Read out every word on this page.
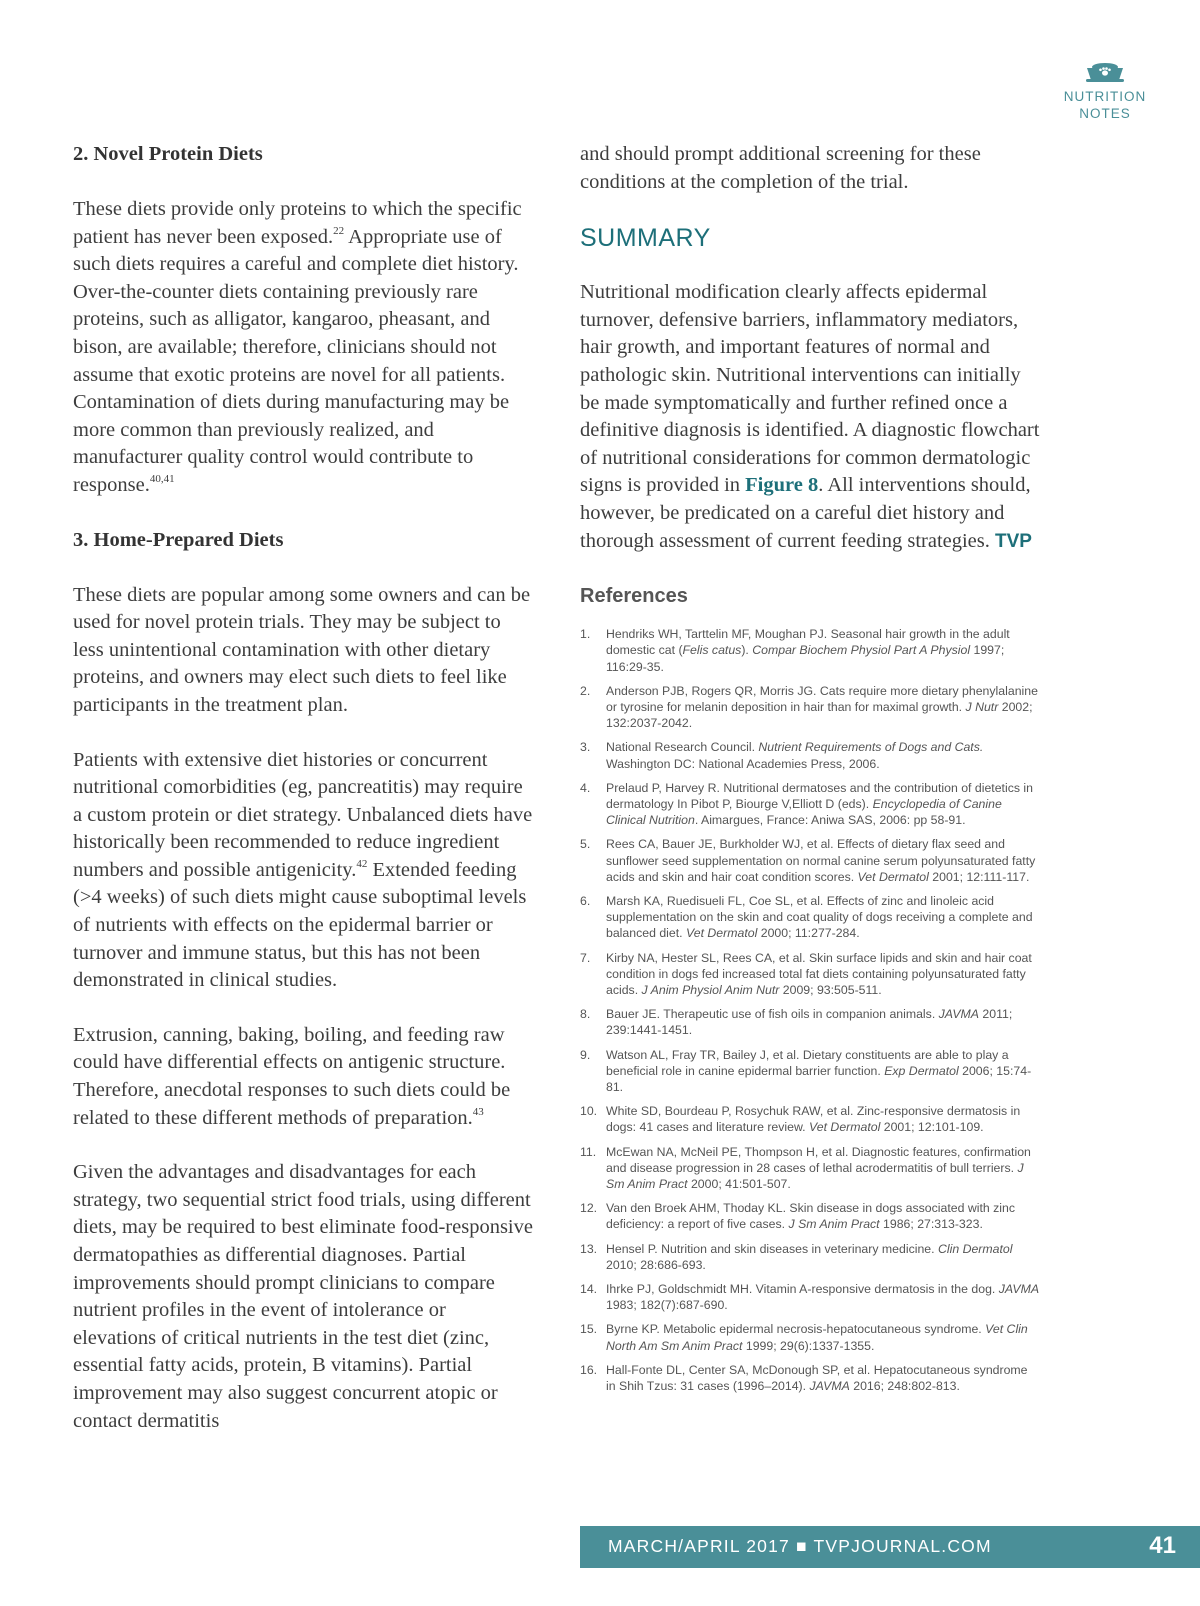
NUTRITION
NOTES
2. Novel Protein Diets

These diets provide only proteins to which the specific patient has never been exposed.$^{22}$ Appropriate use of such diets requires a careful and complete diet history. Over-the-counter diets containing previously rare proteins, such as alligator, kangaroo, pheasant, and bison, are available; therefore, clinicians should not assume that exotic proteins are novel for all patients. Contamination of diets during manufacturing may be more common than previously realized, and manufacturer quality control would contribute to response.$^{40,41}$

3. Home-Prepared Diets

These diets are popular among some owners and can be used for novel protein trials. They may be subject to less unintentional contamination with other dietary proteins, and owners may elect such diets to feel like participants in the treatment plan.

Patients with extensive diet histories or concurrent nutritional comorbidities (eg, pancreatitis) may require a custom protein or diet strategy. Unbalanced diets have historically been recommended to reduce ingredient numbers and possible antigenicity.$^{42}$ Extended feeding (>4 weeks) of such diets might cause suboptimal levels of nutrients with effects on the epidermal barrier or turnover and immune status, but this has not been demonstrated in clinical studies.

Extrusion, canning, baking, boiling, and feeding raw could have differential effects on antigenic structure. Therefore, anecdotal responses to such diets could be related to these different methods of preparation.$^{43}$

Given the advantages and disadvantages for each strategy, two sequential strict food trials, using different diets, may be required to best eliminate food-responsive dermatopathies as differential diagnoses. Partial improvements should prompt clinicians to compare nutrient profiles in the event of intolerance or elevations of critical nutrients in the test diet (zinc, essential fatty acids, protein, B vitamins). Partial improvement may also suggest concurrent atopic or contact dermatitis

and should prompt additional screening for these conditions at the completion of the trial.

SUMMARY

Nutritional modification clearly affects epidermal turnover, defensive barriers, inflammatory mediators, hair growth, and important features of normal and pathologic skin. Nutritional interventions can initially be made symptomatically and further refined once a definitive diagnosis is identified. A diagnostic flowchart of nutritional considerations for common dermatologic signs is provided in Figure 8. All interventions should, however, be predicated on a careful diet history and thorough assessment of current feeding strategies. TVP

References
1. Hendriks WH, Tarttelin MF, Moughan PJ. Seasonal hair growth in the adult domestic cat (Felis catus). Compar Biochem Physiol Part A Physiol 1997; 116:29-35.
2. Anderson PJB, Rogers QR, Morris JG. Cats require more dietary phenylalanine or tyrosine for melanin deposition in hair than for maximal growth. J Nutr 2002; 132:2037-2042.
3. National Research Council. Nutrient Requirements of Dogs and Cats. Washington DC: National Academies Press, 2006.
4. Prelaud P, Harvey R. Nutritional dermatoses and the contribution of dietetics in dermatology In Pibot P, Biourge V,Elliott D (eds). Encyclopedia of Canine Clinical Nutrition. Aimargues, France: Aniwa SAS, 2006: pp 58-91.
5. Rees CA, Bauer JE, Burkholder WJ, et al. Effects of dietary flax seed and sunflower seed supplementation on normal canine serum polyunsaturated fatty acids and skin and hair coat condition scores. Vet Dermatol 2001; 12:111-117.
6. Marsh KA, Ruedisueli FL, Coe SL, et al. Effects of zinc and linoleic acid supplementation on the skin and coat quality of dogs receiving a complete and balanced diet. Vet Dermatol 2000; 11:277-284.
7. Kirby NA, Hester SL, Rees CA, et al. Skin surface lipids and skin and hair coat condition in dogs fed increased total fat diets containing polyunsaturated fatty acids. J Anim Physiol Anim Nutr 2009; 93:505-511.
8. Bauer JE. Therapeutic use of fish oils in companion animals. JAVMA 2011; 239:1441-1451.
9. Watson AL, Fray TR, Bailey J, et al. Dietary constituents are able to play a beneficial role in canine epidermal barrier function. Exp Dermatol 2006; 15:74-81.
10. White SD, Bourdeau P, Rosychuk RAW, et al. Zinc-responsive dermatosis in dogs: 41 cases and literature review. Vet Dermatol 2001; 12:101-109.
11. McEwan NA, McNeil PE, Thompson H, et al. Diagnostic features, confirmation and disease progression in 28 cases of lethal acrodermatitis of bull terriers. J Sm Anim Pract 2000; 41:501-507.
12. Van den Broek AHM, Thoday KL. Skin disease in dogs associated with zinc deficiency: a report of five cases. J Sm Anim Pract 1986; 27:313-323.
13. Hensel P. Nutrition and skin diseases in veterinary medicine. Clin Dermatol 2010; 28:686-693.
14. Ihrke PJ, Goldschmidt MH. Vitamin A-responsive dermatosis in the dog. JAVMA 1983; 182(7):687-690.
15. Byrne KP. Metabolic epidermal necrosis-hepatocutaneous syndrome. Vet Clin North Am Sm Anim Pract 1999; 29(6):1337-1355.
16. Hall-Fonte DL, Center SA, McDonough SP, et al. Hepatocutaneous syndrome in Shih Tzus: 31 cases (1996–2014). JAVMA 2016; 248:802-813.
MARCH/APRIL 2017 ■ TVPJOURNAL.COM	41
